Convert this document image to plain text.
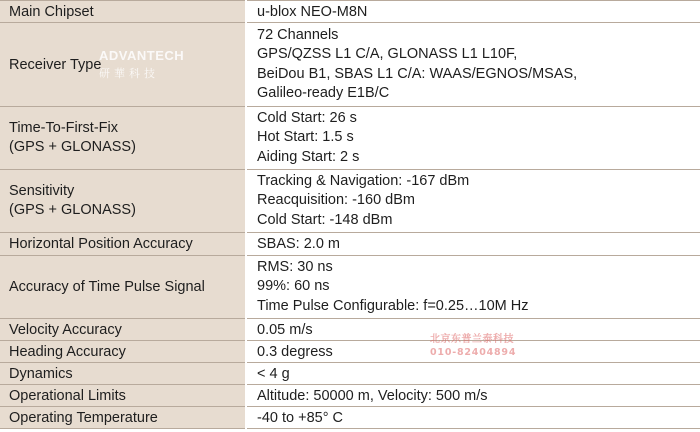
Main Chipset	u-blox NEO-M8N

Receiver Type	72 Channels
GPS/QZSS L1 C/A, GLONASS L1 L10F,
BeiDou B1, SBAS L1 C/A: WAAS/EGNOS/MSAS,
Galileo-ready E1B/C

Time-To-First-Fix
(GPS + GLONASS)	Cold Start: 26 s
Hot Start: 1.5 s
Aiding Start: 2 s

Sensitivity
(GPS + GLONASS)	Tracking & Navigation: -167 dBm
Reacquisition: -160 dBm
Cold Start: -148 dBm

Horizontal Position Accuracy	SBAS: 2.0 m

Accuracy of Time Pulse Signal	RMS: 30 ns
99%: 60 ns
Time Pulse Configurable: f=0.25…10M Hz

Velocity Accuracy	0.05 m/s

Heading Accuracy	0.3 degress

Dynamics	< 4 g

Operational Limits	Altitude: 50000 m, Velocity: 500 m/s

Operating Temperature	-40 to +85° C
ADVANTECH
研華科技
北京东普兰泰科技
010-82404894
